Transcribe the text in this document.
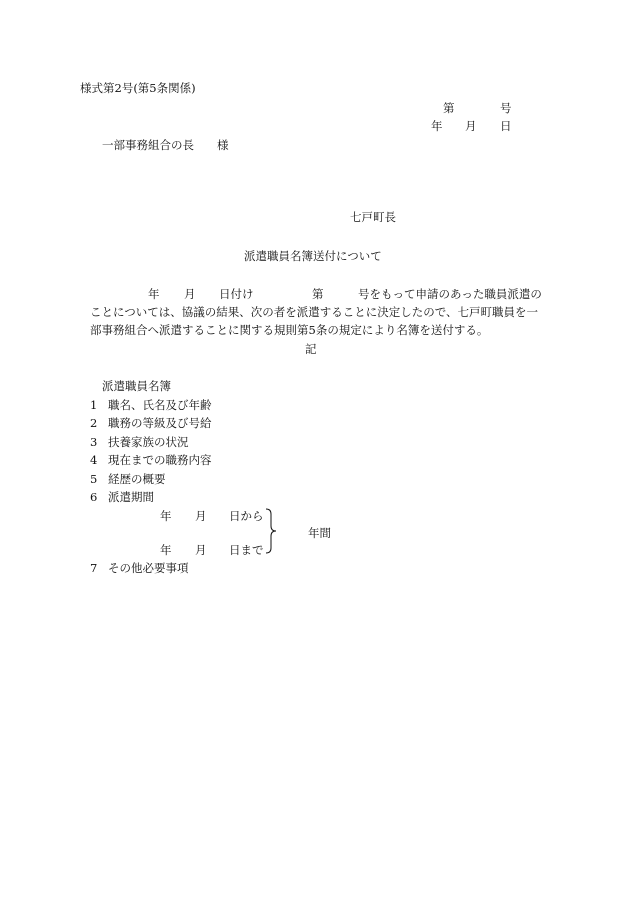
様式第2号(第5条関係)
第	号
年 月 日
一部事務組合の長 様
七戸町長
派遣職員名簿送付について
年 月 日付け	第	号をもって申請のあった職員派遣の
ことについては、協議の結果、次の者を派遣することに決定したので、七戸町職員を一
部事務組合へ派遣することに関する規則第5条の規定により名簿を送付する。
記
派遣職員名簿
1 職名、氏名及び年齢
2 職務の等級及び号給
3 扶養家族の状況
4 現在までの職務内容
5 経歴の概要
6 派遣期間
年 月 日から
年間
年 月 日まで
7 その他必要事項
